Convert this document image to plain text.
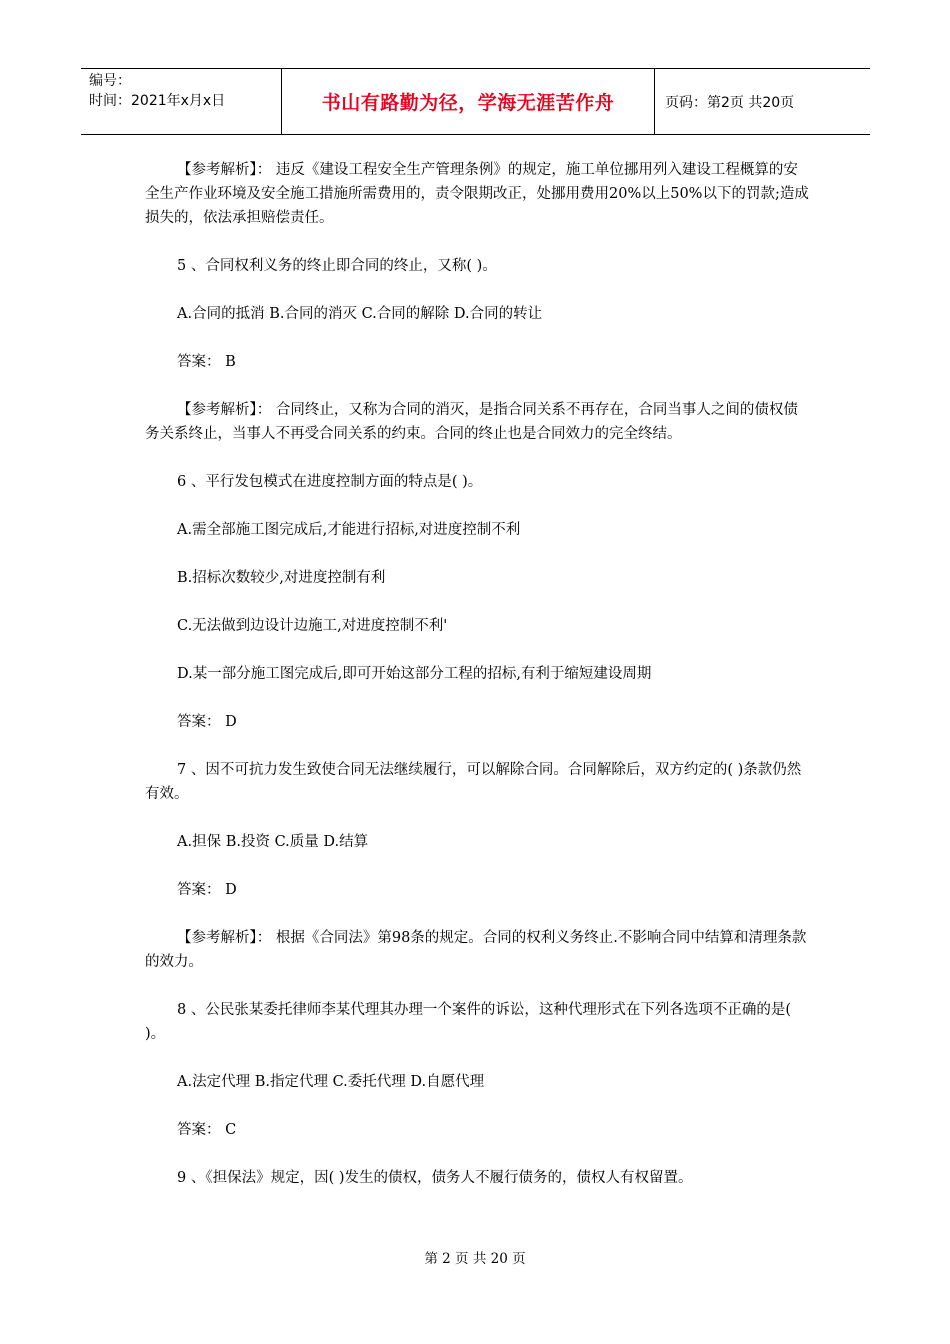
编号：
时间：2021年x月x日	书山有路勤为径，学海无涯苦作舟	页码：第2页 共20页

【参考解析】： 违反《建设工程安全生产管理条例》的规定，施工单位挪用列入建设工程概算的安全生产作业环境及安全施工措施所需费用的，责令限期改正，处挪用费用20%以上50%以下的罚款;造成损失的，依法承担赔偿责任。

5 、合同权利义务的终止即合同的终止，又称( )。

A.合同的抵消 B.合同的消灭 C.合同的解除 D.合同的转让

答案： B

【参考解析】： 合同终止，又称为合同的消灭，是指合同关系不再存在，合同当事人之间的债权债务关系终止，当事人不再受合同关系的约束。合同的终止也是合同效力的完全终结。

6 、平行发包模式在进度控制方面的特点是( )。

A.需全部施工图完成后,才能进行招标,对进度控制不利

B.招标次数较少,对进度控制有利

C.无法做到边设计边施工,对进度控制不利'

D.某一部分施工图完成后,即可开始这部分工程的招标,有利于缩短建设周期

答案： D

7 、因不可抗力发生致使合同无法继续履行，可以解除合同。合同解除后，双方约定的( )条款仍然有效。

A.担保 B.投资 C.质量 D.结算

答案： D

【参考解析】： 根据《合同法》第98条的规定。合同的权利义务终止.不影响合同中结算和清理条款的效力。

8 、公民张某委托律师李某代理其办理一个案件的诉讼，这种代理形式在下列各选项不正确的是( )。

A.法定代理 B.指定代理 C.委托代理 D.自愿代理

答案： C

9 、《担保法》规定，因( )发生的债权，债务人不履行债务的，债权人有权留置。

第 2 页 共 20 页
